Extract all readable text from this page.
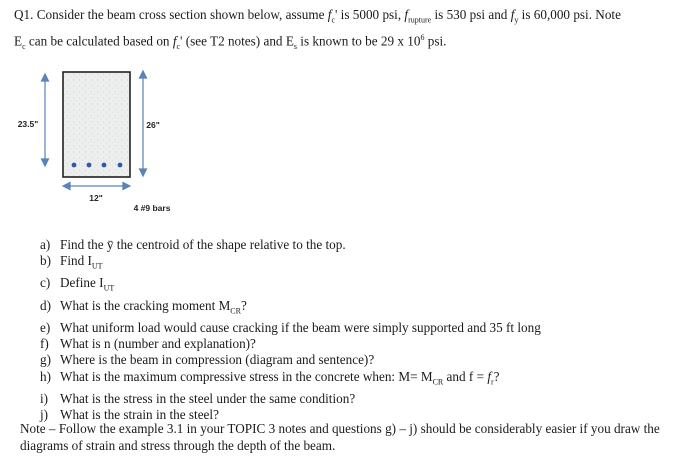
Q1. Consider the beam cross section shown below, assume $f_c'$ is 5000 psi, $f_{rupture}$ is 530 psi and $f_y$ is 60,000 psi. Note
$E_c$ can be calculated based on $f_c'$ (see T2 notes) and $E_s$ is known to be 29 x $10^6$ psi.
23.5"	26"
12"
4 #9 bars
a) Find the ȳ the centroid of the shape relative to the top.
b) Find $I_{UT}$
c) Define $I_{UT}$
d) What is the cracking moment $M_{CR}$?
e) What uniform load would cause cracking if the beam were simply supported and 35 ft long
f) What is n (number and explanation)?
g) Where is the beam in compression (diagram and sentence)?
h) What is the maximum compressive stress in the concrete when: $M= M_{CR}$ and $f = f_r$?
i) What is the stress in the steel under the same condition?
j) What is the strain in the steel?
Note – Follow the example 3.1 in your TOPIC 3 notes and questions g) – j) should be considerably easier if you draw the diagrams of strain and stress through the depth of the beam.
